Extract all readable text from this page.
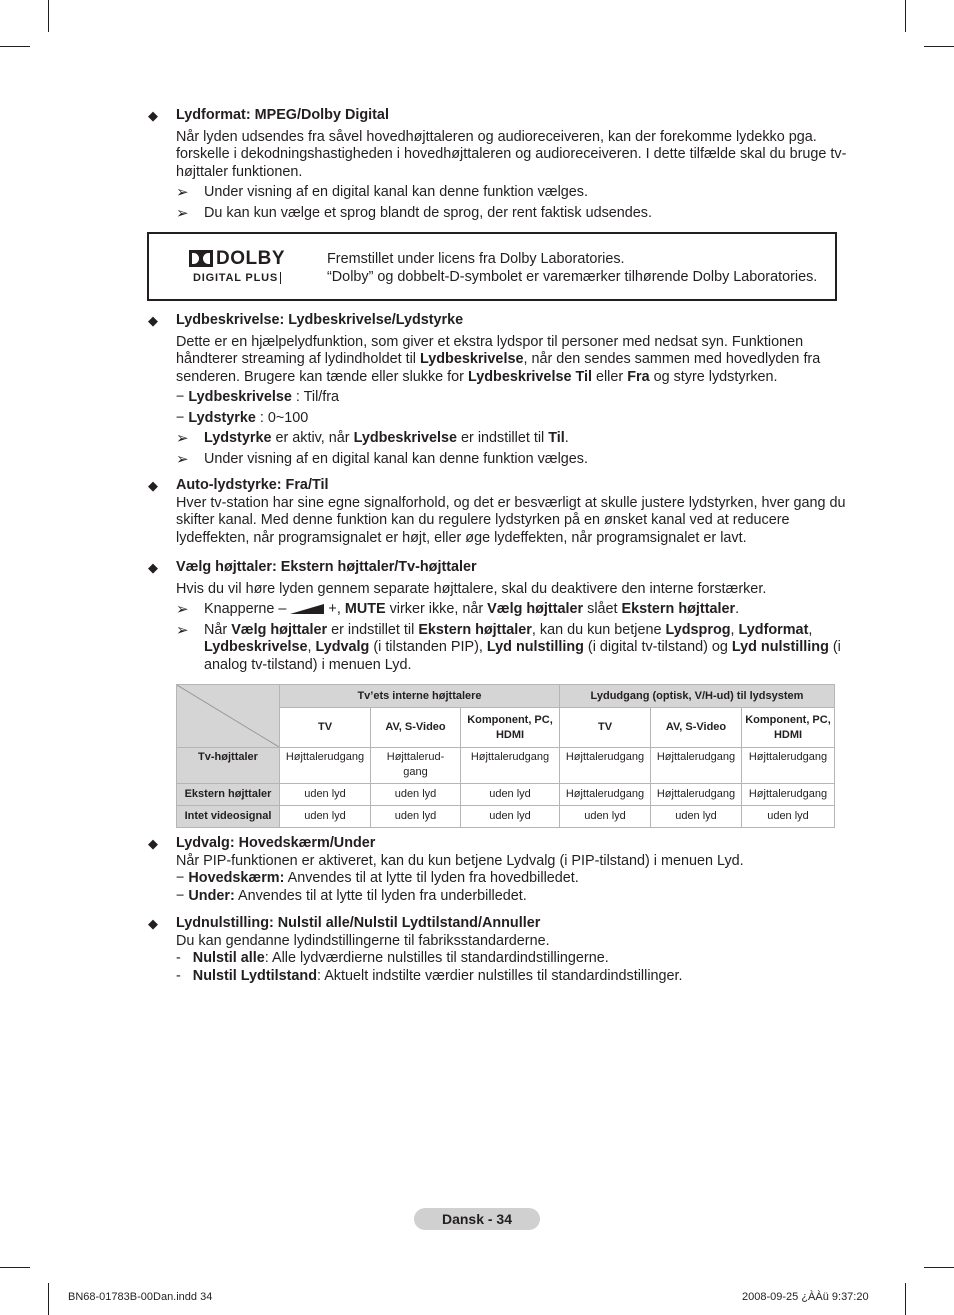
◆ Lydformat: MPEG/Dolby Digital
Når lyden udsendes fra såvel hovedhøjttaleren og audioreceiveren, kan der forekomme lydekko pga. forskelle i dekodningshastigheden i hovedhøjttaleren og audioreceiveren. I dette tilfælde skal du bruge tv-højttaler funktionen.
➢ Under visning af en digital kanal kan denne funktion vælges.
➢ Du kan kun vælge et sprog blandt de sprog, der rent faktisk udsendes.
DOLBY DIGITAL PLUS
Fremstillet under licens fra Dolby Laboratories.
“Dolby” og dobbelt-D-symbolet er varemærker tilhørende Dolby Laboratories.
◆ Lydbeskrivelse: Lydbeskrivelse/Lydstyrke
Dette er en hjælpelydfunktion, som giver et ekstra lydspor til personer med nedsat syn. Funktionen håndterer streaming af lydindholdet til Lydbeskrivelse, når den sendes sammen med hovedlyden fra senderen. Brugere kan tænde eller slukke for Lydbeskrivelse Til eller Fra og styre lydstyrken.
− Lydbeskrivelse : Til/fra
− Lydstyrke : 0~100
➢ Lydstyrke er aktiv, når Lydbeskrivelse er indstillet til Til.
➢ Under visning af en digital kanal kan denne funktion vælges.
◆ Auto-lydstyrke: Fra/Til
Hver tv-station har sine egne signalforhold, og det er besværligt at skulle justere lydstyrken, hver gang du skifter kanal. Med denne funktion kan du regulere lydstyrken på en ønsket kanal ved at reducere lydeffekten, når programsignalet er højt, eller øge lydeffekten, når programsignalet er lavt.
◆ Vælg højttaler: Ekstern højttaler/Tv-højttaler
Hvis du vil høre lyden gennem separate højttalere, skal du deaktivere den interne forstærker.
➢ Knapperne –  +, MUTE virker ikke, når Vælg højttaler slået Ekstern højttaler.
➢ Når Vælg højttaler er indstillet til Ekstern højttaler, kan du kun betjene Lydsprog, Lydformat, Lydbeskrivelse, Lydvalg (i tilstanden PIP), Lyd nulstilling (i digital tv-tilstand) og Lyd nulstilling (i analog tv-tilstand) i menuen Lyd.
	Tv’ets interne højttalere			Lydudgang (optisk, V/H-ud) til lydsystem		
	TV	AV, S-Video	Komponent, PC, HDMI	TV	AV, S-Video	Komponent, PC, HDMI
Tv-højttaler	Højttalerudgang	Højttalerud-gang	Højttalerudgang	Højttalerudgang	Højttalerudgang	Højttalerudgang
Ekstern højttaler	uden lyd	uden lyd	uden lyd	Højttalerudgang	Højttalerudgang	Højttalerudgang
Intet videosignal	uden lyd	uden lyd	uden lyd	uden lyd	uden lyd	uden lyd
◆ Lydvalg: Hovedskærm/Under
Når PIP-funktionen er aktiveret, kan du kun betjene Lydvalg (i PIP-tilstand) i menuen Lyd.
− Hovedskærm: Anvendes til at lytte til lyden fra hovedbilledet.
− Under: Anvendes til at lytte til lyden fra underbilledet.
◆ Lydnulstilling: Nulstil alle/Nulstil Lydtilstand/Annuller
Du kan gendanne lydindstillingerne til fabriksstandarderne.
-   Nulstil alle: Alle lydværdierne nulstilles til standardindstillingerne.
-   Nulstil Lydtilstand: Aktuelt indstilte værdier nulstilles til standardindstillinger.
Dansk - 34
BN68-01783B-00Dan.indd 34	2008-09-25 ¿ÀÀü 9:37:20
